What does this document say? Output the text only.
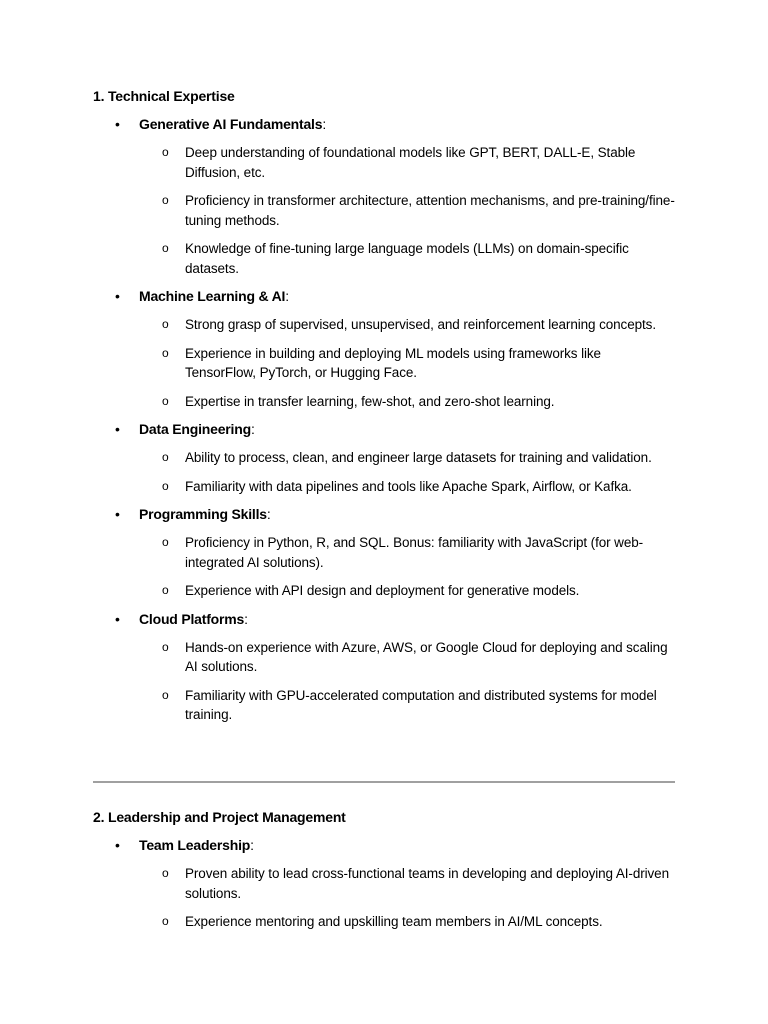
1. Technical Expertise

• Generative AI Fundamentals:
o Deep understanding of foundational models like GPT, BERT, DALL-E, Stable Diffusion, etc.
o Proficiency in transformer architecture, attention mechanisms, and pre-training/fine-tuning methods.
o Knowledge of fine-tuning large language models (LLMs) on domain-specific datasets.
• Machine Learning & AI:
o Strong grasp of supervised, unsupervised, and reinforcement learning concepts.
o Experience in building and deploying ML models using frameworks like TensorFlow, PyTorch, or Hugging Face.
o Expertise in transfer learning, few-shot, and zero-shot learning.
• Data Engineering:
o Ability to process, clean, and engineer large datasets for training and validation.
o Familiarity with data pipelines and tools like Apache Spark, Airflow, or Kafka.
• Programming Skills:
o Proficiency in Python, R, and SQL. Bonus: familiarity with JavaScript (for web-integrated AI solutions).
o Experience with API design and deployment for generative models.
• Cloud Platforms:
o Hands-on experience with Azure, AWS, or Google Cloud for deploying and scaling AI solutions.
o Familiarity with GPU-accelerated computation and distributed systems for model training.

2. Leadership and Project Management

• Team Leadership:
o Proven ability to lead cross-functional teams in developing and deploying AI-driven solutions.
o Experience mentoring and upskilling team members in AI/ML concepts.
